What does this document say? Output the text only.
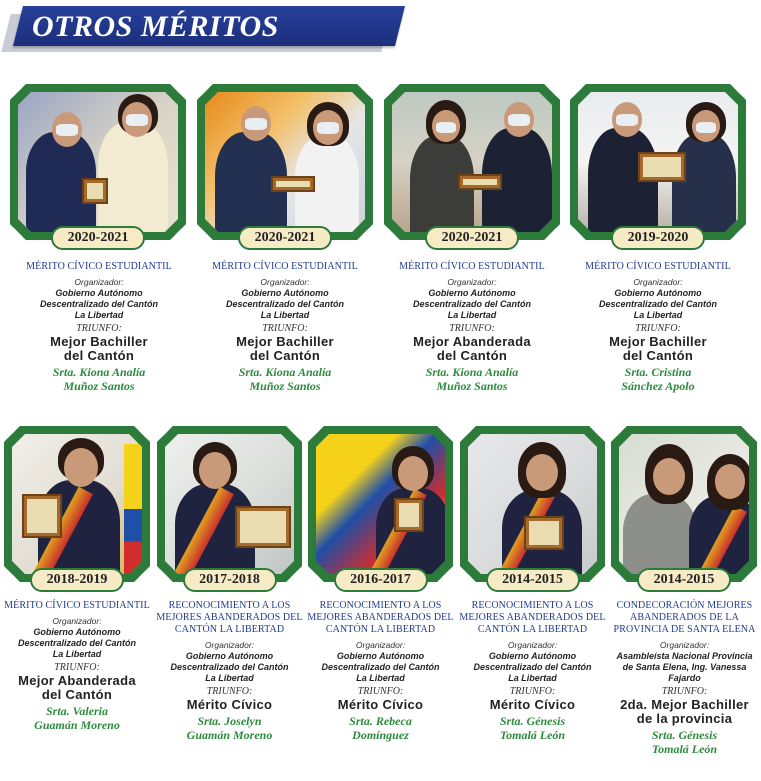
OTROS MÉRITOS
2020-2021
MÉRITO CÍVICO ESTUDIANTIL
Organizador:
Gobierno Autónomo
Descentralizado del Cantón
La Libertad
TRIUNFO:
Mejor Bachiller
del Cantón
Srta. Kiona Analía
Muñoz Santos
2020-2021
MÉRITO CÍVICO ESTUDIANTIL
Organizador:
Gobierno Autónomo
Descentralizado del Cantón
La Libertad
TRIUNFO:
Mejor Bachiller
del Cantón
Srta. Kiona Analía
Muñoz Santos
2020-2021
MÉRITO CÍVICO ESTUDIANTIL
Organizador:
Gobierno Autónomo
Descentralizado del Cantón
La Libertad
TRIUNFO:
Mejor Abanderada
del Cantón
Srta. Kiona Analía
Muñoz Santos
2019-2020
MÉRITO CÍVICO ESTUDIANTIL
Organizador:
Gobierno Autónomo
Descentralizado del Cantón
La Libertad
TRIUNFO:
Mejor Bachiller
del Cantón
Srta. Cristina
Sánchez Apolo
2018-2019
MÉRITO CÍVICO ESTUDIANTIL
Organizador:
Gobierno Autónomo
Descentralizado del Cantón
La Libertad
TRIUNFO:
Mejor Abanderada
del Cantón
Srta. Valeria
Guamán Moreno
2017-2018
RECONOCIMIENTO A LOS
MEJORES ABANDERADOS DEL
CANTÓN LA LIBERTAD
Organizador:
Gobierno Autónomo
Descentralizado del Cantón
La Libertad
TRIUNFO:
Mérito Cívico
Srta. Joselyn
Guamán Moreno
2016-2017
RECONOCIMIENTO A LOS
MEJORES ABANDERADOS DEL
CANTÓN LA LIBERTAD
Organizador:
Gobierno Autónomo
Descentralizado del Cantón
La Libertad
TRIUNFO:
Mérito Cívico
Srta. Rebeca
Domínguez
2014-2015
RECONOCIMIENTO A LOS
MEJORES ABANDERADOS DEL
CANTÓN LA LIBERTAD
Organizador:
Gobierno Autónomo
Descentralizado del Cantón
La Libertad
TRIUNFO:
Mérito Cívico
Srta. Génesis
Tomalá León
2014-2015
CONDECORACIÓN MEJORES
ABANDERADOS DE LA
PROVINCIA DE SANTA ELENA
Organizador:
Asambleísta Nacional Provincia
de Santa Elena, Ing. Vanessa
Fajardo
TRIUNFO:
2da. Mejor Bachiller
de la provincia
Srta. Génesis
Tomalá León
